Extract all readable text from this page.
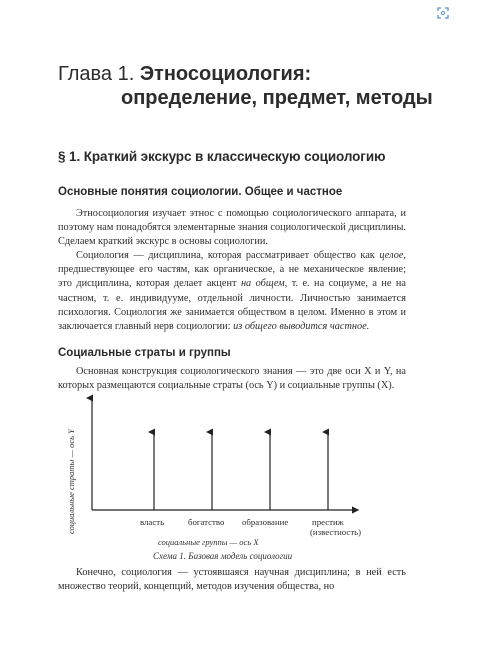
Глава 1. Этносоциология:
определение, предмет, методы
§ 1. Краткий экскурс в классическую социологию
Основные понятия социологии. Общее и частное

Этносоциология изучает этнос с помощью социологического аппарата, и поэтому нам понадобятся элементарные знания социологической дисциплины. Сделаем краткий экскурс в основы социологии.

Социология — дисциплина, которая рассматривает общество как целое, предшествующее его частям, как органическое, а не механическое явление; это дисциплина, которая делает акцент на общем, т. е. на социуме, а не на частном, т. е. индивидууме, отдельной личности. Личностью занимается психология. Социология же занимается обществом в целом. Именно в этом и заключается главный нерв социологии: из общего выводится частное.

Социальные страты и группы

Основная конструкция социологического знания — это две оси X и Y, на которых размещаются социальные страты (ось Y) и социальные группы (X).

социальные страты — ось Y	власть	богатство образование	престиж
(известность)
социальные группы — ось X
Схема 1. Базовая модель социологии

Конечно, социология — устоявшаяся научная дисциплина; в ней есть множество теорий, концепций, методов изучения общества, но
